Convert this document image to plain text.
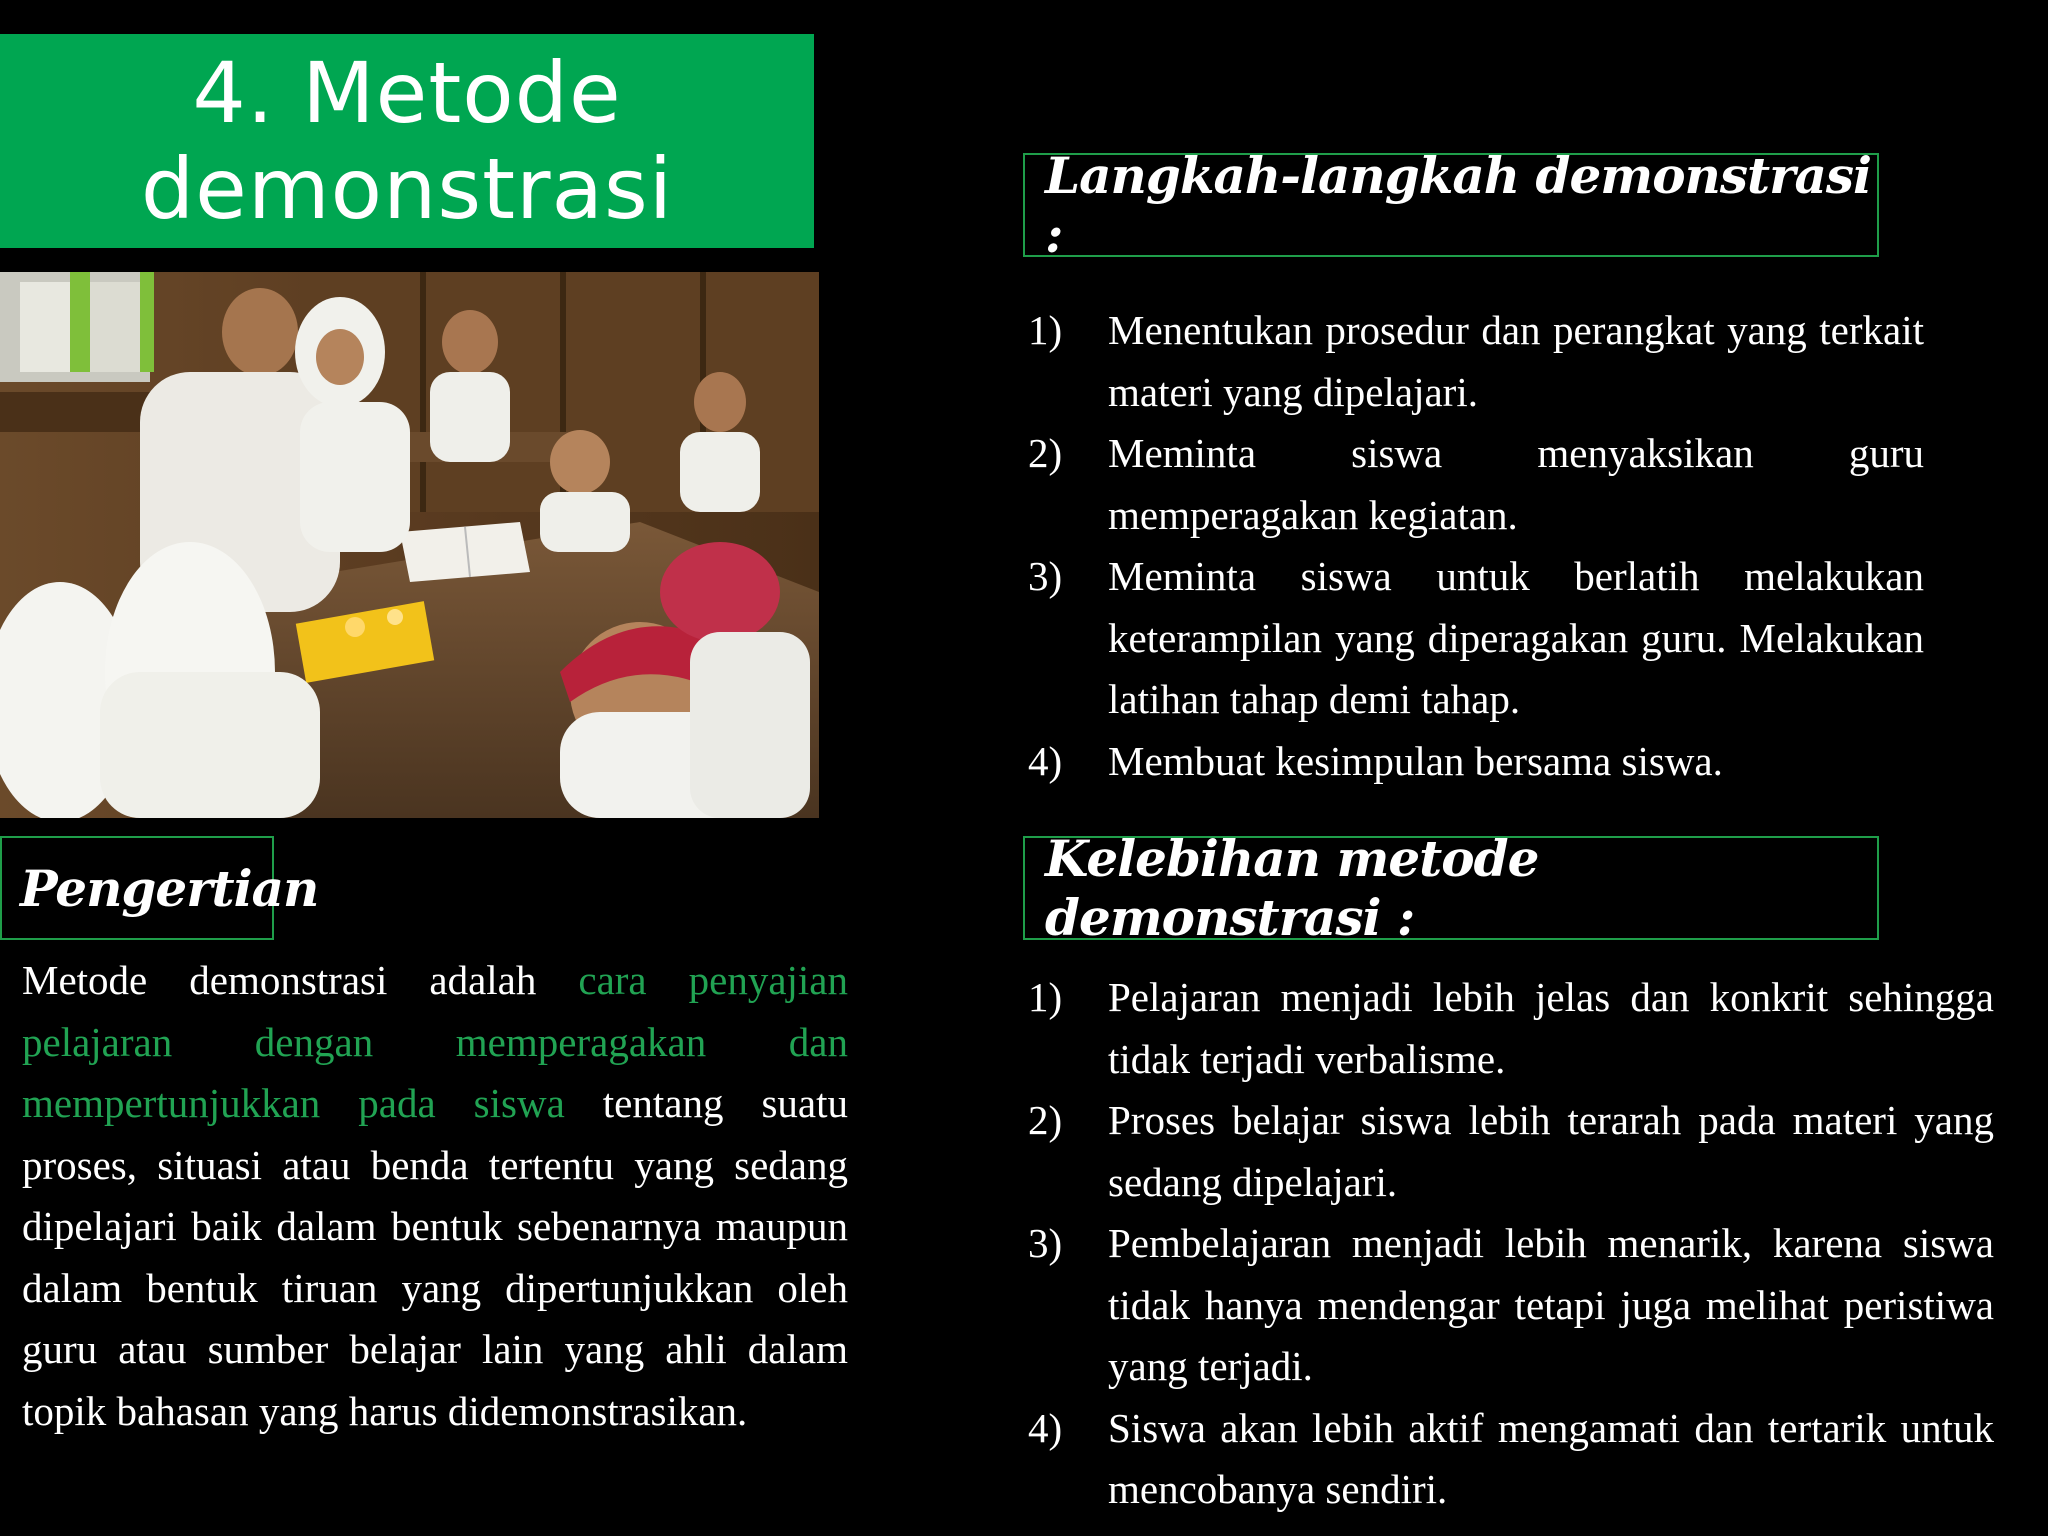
4. Metode
demonstrasi	Langkah-langkah demonstrasi :
1) Menentukan prosedur dan perangkat yang terkait materi yang dipelajari.
2) Meminta siswa menyaksikan guru memperagakan kegiatan.
3) Meminta siswa untuk berlatih melakukan keterampilan yang diperagakan guru. Melakukan latihan tahap demi tahap.
4) Membuat kesimpulan bersama siswa.
Pengertian

Metode demonstrasi adalah cara penyajian pelajaran dengan memperagakan dan mempertunjukkan pada siswa tentang suatu proses, situasi atau benda tertentu yang sedang dipelajari baik dalam bentuk sebenarnya maupun dalam bentuk tiruan yang dipertunjukkan oleh guru atau sumber belajar lain yang ahli dalam topik bahasan yang harus didemonstrasikan.

Kelebihan metode demonstrasi :
1) Pelajaran menjadi lebih jelas dan konkrit sehingga tidak terjadi verbalisme.
2) Proses belajar siswa lebih terarah pada materi yang sedang dipelajari.
3) Pembelajaran menjadi lebih menarik, karena siswa tidak hanya mendengar tetapi juga melihat peristiwa yang terjadi.
4) Siswa akan lebih aktif mengamati dan tertarik untuk mencobanya sendiri.
